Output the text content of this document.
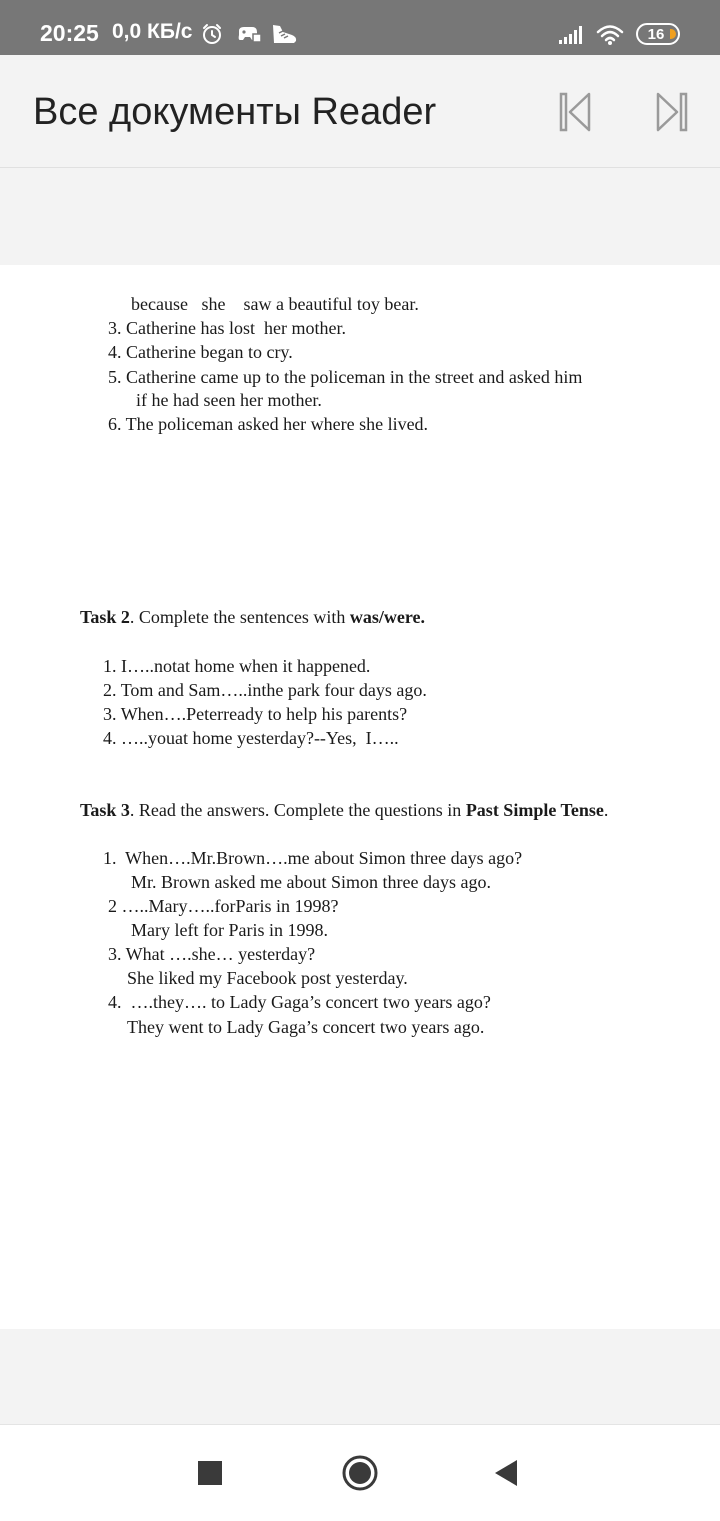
20:25 0,0 КБ/с	16
Все документы Reader
because   she    saw a beautiful toy bear.
3. Catherine has lost  her mother.
4. Catherine began to cry.
5. Catherine came up to the policeman in the street and asked him
if he had seen her mother.
6. The policeman asked her where she lived.
Task 2. Complete the sentences with was/were.
1. I…..notat home when it happened.
2. Tom and Sam…..inthe park four days ago.
3. When….Peterready to help his parents?
4. …..youat home yesterday?--Yes,  I…..
Task 3. Read the answers. Complete the questions in Past Simple Tense.
1.  When….Mr.Brown….me about Simon three days ago?
Mr. Brown asked me about Simon three days ago.
2 …..Mary…..forParis in 1998?
Mary left for Paris in 1998.
3. What ….she… yesterday?
She liked my Facebook post yesterday.
4.  ….they…. to Lady Gaga’s concert two years ago?
They went to Lady Gaga’s concert two years ago.
